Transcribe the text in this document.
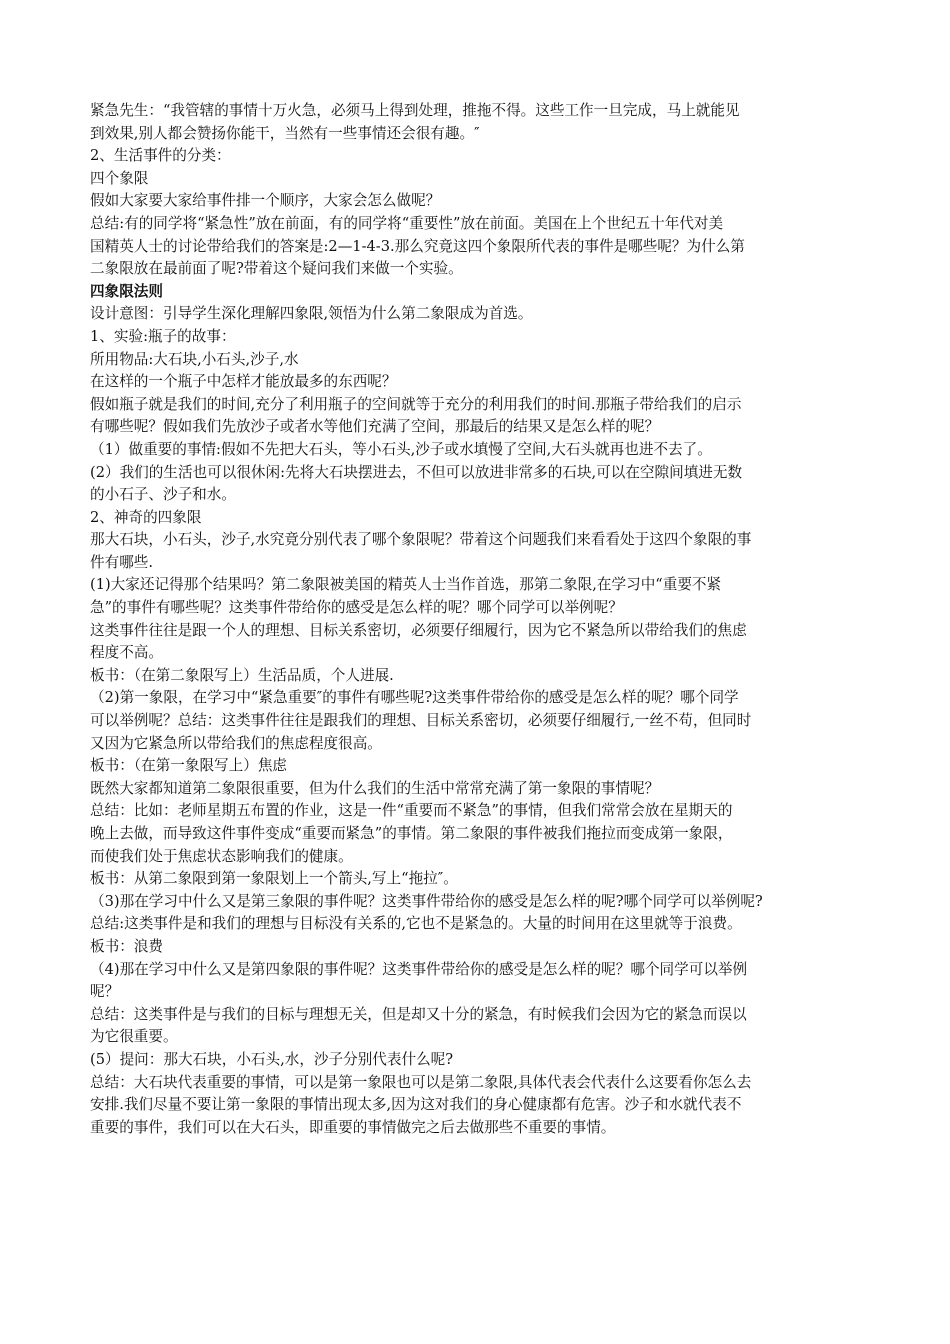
紧急先生：“我管辖的事情十万火急，必须马上得到处理，推拖不得。这些工作一旦完成，马上就能见

到效果,别人都会赞扬你能干，当然有一些事情还会很有趣。″

2、生活事件的分类：

四个象限

假如大家要大家给事件排一个顺序，大家会怎么做呢？

总结:有的同学将“紧急性”放在前面，有的同学将“重要性”放在前面。美国在上个世纪五十年代对美

国精英人士的讨论带给我们的答案是:2—1-4-3.那么究竟这四个象限所代表的事件是哪些呢？为什么第

二象限放在最前面了呢?带着这个疑问我们来做一个实验。

四象限法则

设计意图：引导学生深化理解四象限,领悟为什么第二象限成为首选。

1、实验:瓶子的故事：

所用物品:大石块,小石头,沙子,水

在这样的一个瓶子中怎样才能放最多的东西呢？

假如瓶子就是我们的时间,充分了利用瓶子的空间就等于充分的利用我们的时间.那瓶子带给我们的启示

有哪些呢？假如我们先放沙子或者水等他们充满了空间，那最后的结果又是怎么样的呢？

（1）做重要的事情:假如不先把大石头，等小石头,沙子或水填慢了空间,大石头就再也进不去了。

(2）我们的生活也可以很休闲:先将大石块摆进去，不但可以放进非常多的石块,可以在空隙间填进无数

的小石子、沙子和水。

2、神奇的四象限

那大石块，小石头，沙子,水究竟分别代表了哪个象限呢？带着这个问题我们来看看处于这四个象限的事

件有哪些.

(1)大家还记得那个结果吗？第二象限被美国的精英人士当作首选，那第二象限,在学习中“重要不紧

急”的事件有哪些呢？这类事件带给你的感受是怎么样的呢？哪个同学可以举例呢？

这类事件往往是跟一个人的理想、目标关系密切，必须要仔细履行，因为它不紧急所以带给我们的焦虑

程度不高。

板书：（在第二象限写上）生活品质，个人进展.

（2)第一象限，在学习中“紧急重要″的事件有哪些呢?这类事件带给你的感受是怎么样的呢？哪个同学

可以举例呢？总结：这类事件往往是跟我们的理想、目标关系密切，必须要仔细履行,一丝不苟，但同时

又因为它紧急所以带给我们的焦虑程度很高。

板书：（在第一象限写上）焦虑

既然大家都知道第二象限很重要，但为什么我们的生活中常常充满了第一象限的事情呢？

总结：比如：老师星期五布置的作业，这是一件“重要而不紧急”的事情，但我们常常会放在星期天的

晚上去做，而导致这件事件变成“重要而紧急”的事情。第二象限的事件被我们拖拉而变成第一象限，

而使我们处于焦虑状态影响我们的健康。

板书：从第二象限到第一象限划上一个箭头,写上“拖拉″。

（3)那在学习中什么又是第三象限的事件呢？这类事件带给你的感受是怎么样的呢?哪个同学可以举例呢?

总结:这类事件是和我们的理想与目标没有关系的,它也不是紧急的。大量的时间用在这里就等于浪费。

板书：浪费

（4)那在学习中什么又是第四象限的事件呢？这类事件带给你的感受是怎么样的呢？哪个同学可以举例

呢？

总结：这类事件是与我们的目标与理想无关，但是却又十分的紧急，有时候我们会因为它的紧急而误以

为它很重要。

(5）提问：那大石块，小石头,水，沙子分别代表什么呢?

总结：大石块代表重要的事情，可以是第一象限也可以是第二象限,具体代表会代表什么这要看你怎么去

安排.我们尽量不要让第一象限的事情出现太多,因为这对我们的身心健康都有危害。沙子和水就代表不

重要的事件，我们可以在大石头，即重要的事情做完之后去做那些不重要的事情。
